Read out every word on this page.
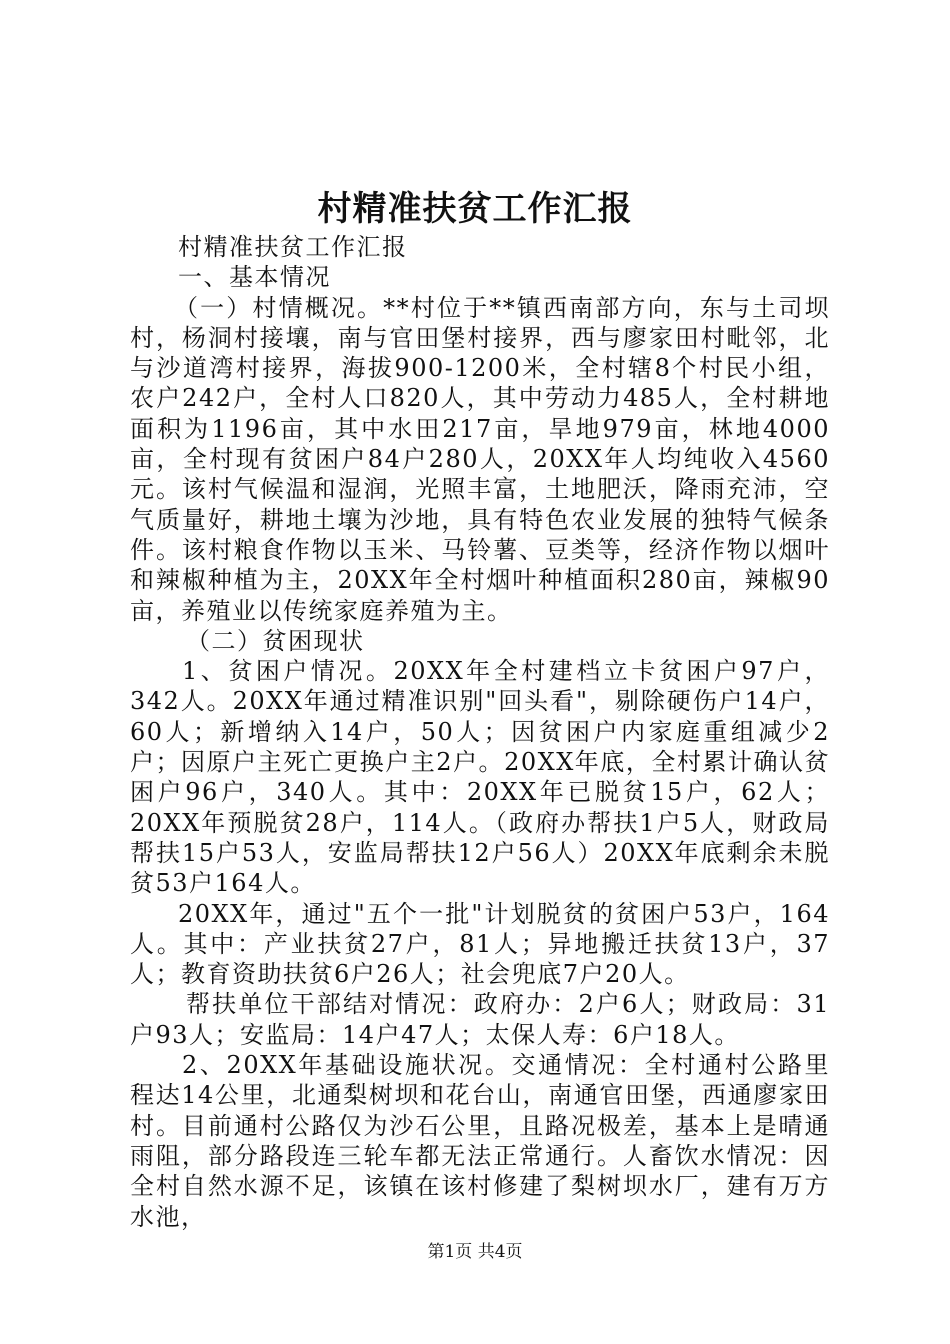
村精准扶贫工作汇报

村精准扶贫工作汇报

一、基本情况

（一）村情概况。**村位于**镇西南部方向，东与土司坝村，杨洞村接壤，南与官田堡村接界，西与廖家田村毗邻，北与沙道湾村接界，海拔900-1200米，全村辖8个村民小组，农户242户，全村人口820人，其中劳动力485人，全村耕地面积为1196亩，其中水田217亩，旱地979亩，林地4000亩，全村现有贫困户84户280人，20XX年人均纯收入4560元。该村气候温和湿润，光照丰富，土地肥沃，降雨充沛，空气质量好，耕地土壤为沙地，具有特色农业发展的独特气候条件。该村粮食作物以玉米、马铃薯、豆类等，经济作物以烟叶和辣椒种植为主，20XX年全村烟叶种植面积280亩，辣椒90亩，养殖业以传统家庭养殖为主。

（二）贫困现状

1、贫困户情况。20XX年全村建档立卡贫困户97户，342人。20XX年通过精准识别"回头看"，剔除硬伤户14户，60人；新增纳入14户，50人；因贫困户内家庭重组减少2户；因原户主死亡更换户主2户。20XX年底，全村累计确认贫困户96户，340人。其中：20XX年已脱贫15户，62人；20XX年预脱贫28户，114人。（政府办帮扶1户5人，财政局帮扶15户53人，安监局帮扶12户56人）20XX年底剩余未脱贫53户164人。

20XX年，通过"五个一批"计划脱贫的贫困户53户，164人。其中：产业扶贫27户，81人；异地搬迁扶贫13户，37人；教育资助扶贫6户26人；社会兜底7户20人。

帮扶单位干部结对情况：政府办：2户6人；财政局：31户93人；安监局：14户47人；太保人寿：6户18人。

2、20XX年基础设施状况。交通情况：全村通村公路里程达14公里，北通梨树坝和花台山，南通官田堡，西通廖家田村。目前通村公路仅为沙石公里，且路况极差，基本上是晴通雨阻，部分路段连三轮车都无法正常通行。人畜饮水情况：因全村自然水源不足，该镇在该村修建了梨树坝水厂，建有万方水池，

第1页 共4页
